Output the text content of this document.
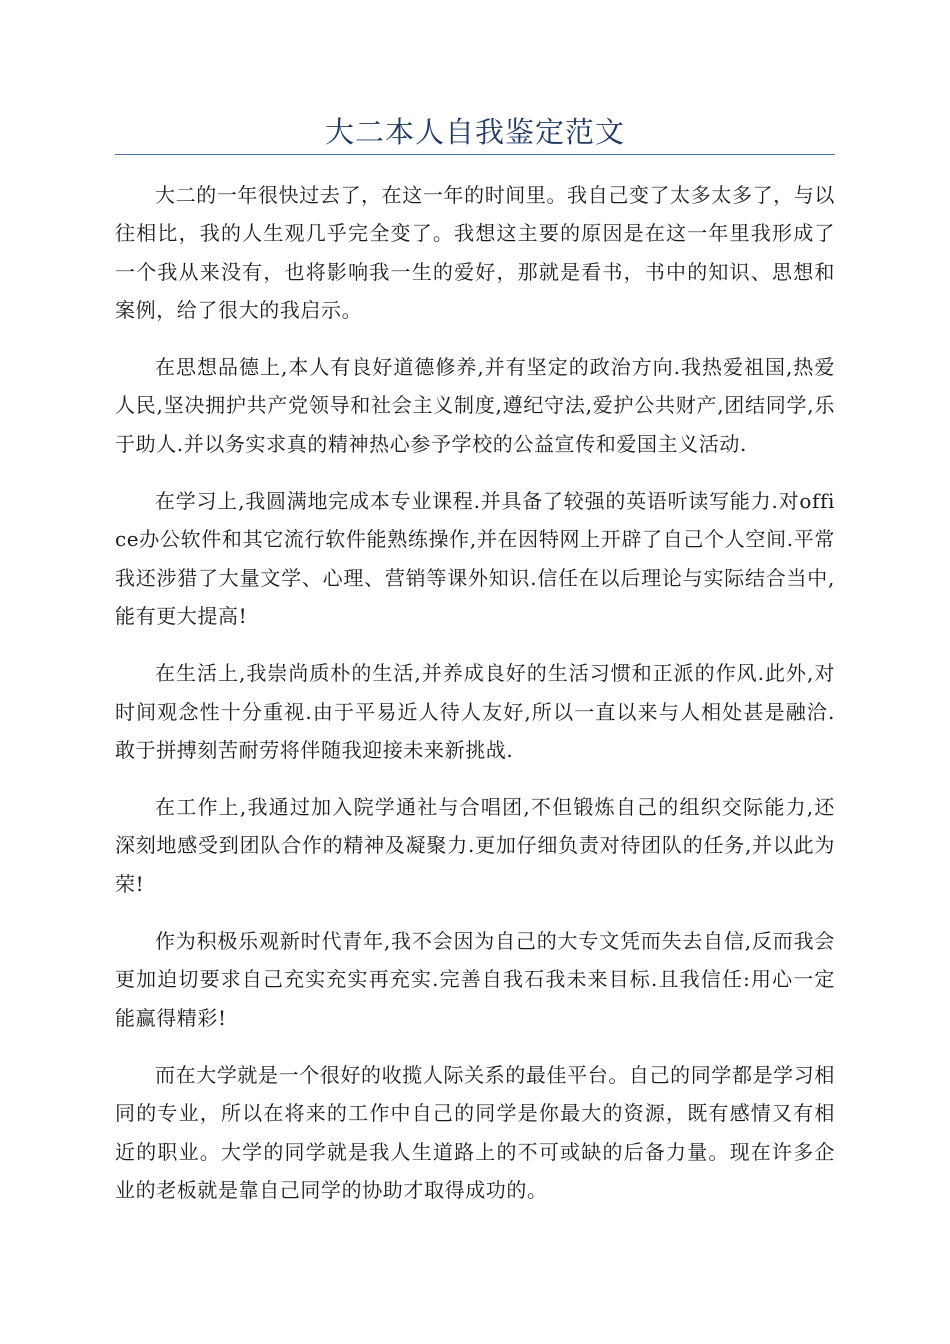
大二本人自我鉴定范文

大二的一年很快过去了，在这一年的时间里。我自己变了太多太多了，与以往相比，我的人生观几乎完全变了。我想这主要的原因是在这一年里我形成了一个我从来没有，也将影响我一生的爱好，那就是看书，书中的知识、思想和案例，给了很大的我启示。

在思想品德上,本人有良好道德修养,并有坚定的政治方向.我热爱祖国,热爱人民,坚决拥护共产党领导和社会主义制度,遵纪守法,爱护公共财产,团结同学,乐于助人.并以务实求真的精神热心参予学校的公益宣传和爱国主义活动.

在学习上,我圆满地完成本专业课程.并具备了较强的英语听读写能力.对office办公软件和其它流行软件能熟练操作,并在因特网上开辟了自己个人空间.平常我还涉猎了大量文学、心理、营销等课外知识.信任在以后理论与实际结合当中,能有更大提高!

在生活上,我崇尚质朴的生活,并养成良好的生活习惯和正派的作风.此外,对时间观念性十分重视.由于平易近人待人友好,所以一直以来与人相处甚是融洽.敢于拼搏刻苦耐劳将伴随我迎接未来新挑战.

在工作上,我通过加入院学通社与合唱团,不但锻炼自己的组织交际能力,还深刻地感受到团队合作的精神及凝聚力.更加仔细负责对待团队的任务,并以此为荣!

作为积极乐观新时代青年,我不会因为自己的大专文凭而失去自信,反而我会更加迫切要求自己充实充实再充实.完善自我石我未来目标.且我信任:用心一定能赢得精彩!

而在大学就是一个很好的收揽人际关系的最佳平台。自己的同学都是学习相同的专业，所以在将来的工作中自己的同学是你最大的资源，既有感情又有相近的职业。大学的同学就是我人生道路上的不可或缺的后备力量。现在许多企业的老板就是靠自己同学的协助才取得成功的。
